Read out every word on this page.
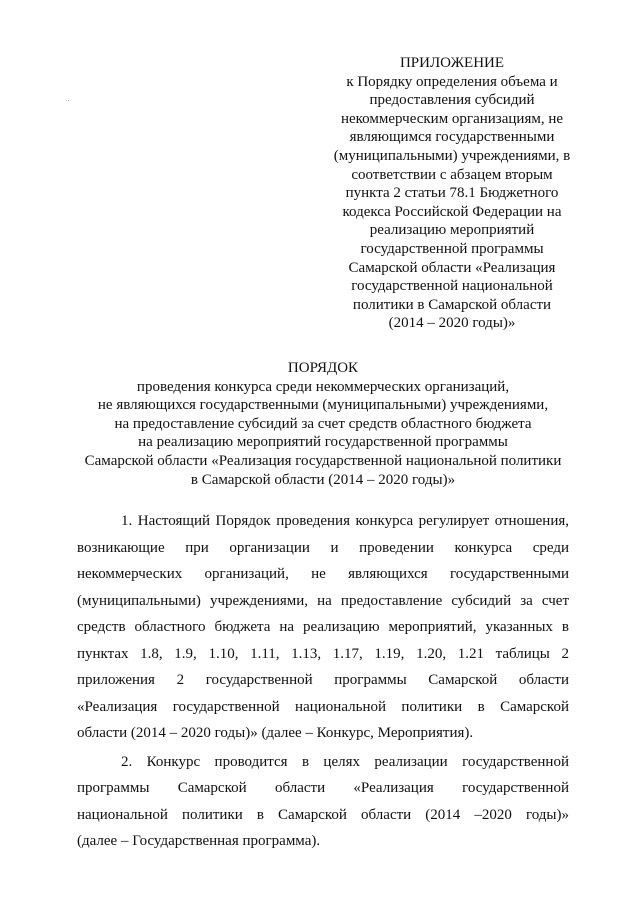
ПРИЛОЖЕНИЕ
к Порядку определения объема и
предоставления субсидий
некоммерческим организациям, не
являющимся государственными
(муниципальными) учреждениями, в
соответствии с абзацем вторым
пункта 2 статьи 78.1 Бюджетного
кодекса Российской Федерации на
реализацию мероприятий
государственной программы
Самарской области «Реализация
государственной национальной
политики в Самарской области
(2014 – 2020 годы)»
ПОРЯДОК
проведения конкурса среди некоммерческих организаций,
не являющихся государственными (муниципальными) учреждениями,
на предоставление субсидий за счет средств областного бюджета
на реализацию мероприятий государственной программы
Самарской области «Реализация государственной национальной политики
в Самарской области (2014 – 2020 годы)»

1. Настоящий Порядок проведения конкурса регулирует отношения,
возникающие при организации и проведении конкурса среди
некоммерческих организаций, не являющихся государственными
(муниципальными) учреждениями, на предоставление субсидий за счет
средств областного бюджета на реализацию мероприятий, указанных в
пунктах 1.8, 1.9, 1.10, 1.11, 1.13, 1.17, 1.19, 1.20, 1.21 таблицы 2
приложения 2 государственной программы Самарской области
«Реализация государственной национальной политики в Самарской
области (2014 – 2020 годы)» (далее – Конкурс, Мероприятия).

2. Конкурс проводится в целях реализации государственной
программы Самарской области «Реализация государственной
национальной политики в Самарской области (2014 –2020 годы)»
(далее – Государственная программа).
